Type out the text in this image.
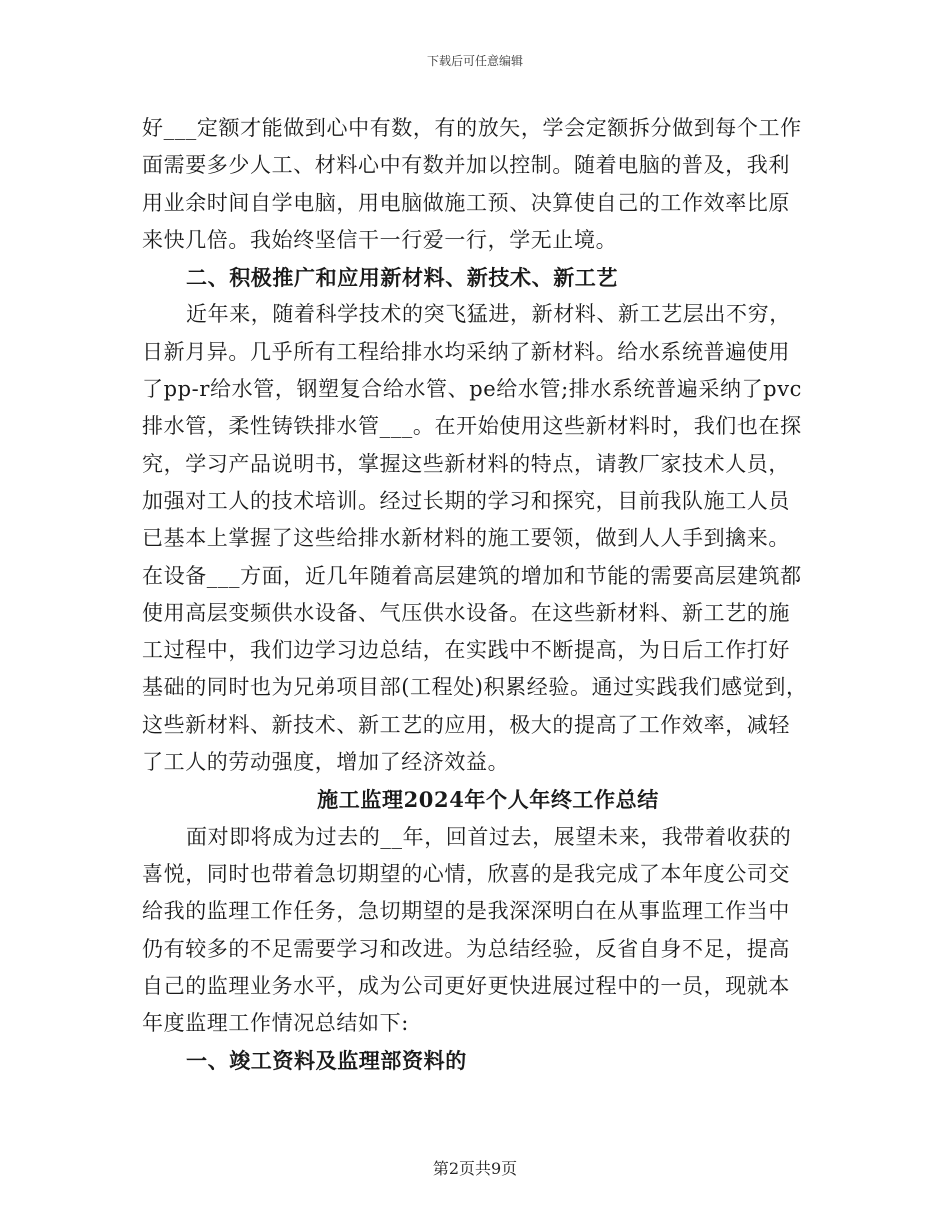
下载后可任意编辑
好___定额才能做到心中有数，有的放矢，学会定额拆分做到每个工作
面需要多少人工、材料心中有数并加以控制。随着电脑的普及，我利
用业余时间自学电脑，用电脑做施工预、决算使自己的工作效率比原
来快几倍。我始终坚信干一行爱一行，学无止境。
二、积极推广和应用新材料、新技术、新工艺
近年来，随着科学技术的突飞猛进，新材料、新工艺层出不穷，
日新月异。几乎所有工程给排水均采纳了新材料。给水系统普遍使用
了pp-r给水管，钢塑复合给水管、pe给水管;排水系统普遍采纳了pvc
排水管，柔性铸铁排水管___。在开始使用这些新材料时，我们也在探
究，学习产品说明书，掌握这些新材料的特点，请教厂家技术人员，
加强对工人的技术培训。经过长期的学习和探究，目前我队施工人员
已基本上掌握了这些给排水新材料的施工要领，做到人人手到擒来。
在设备___方面，近几年随着高层建筑的增加和节能的需要高层建筑都
使用高层变频供水设备、气压供水设备。在这些新材料、新工艺的施
工过程中，我们边学习边总结，在实践中不断提高，为日后工作打好
基础的同时也为兄弟项目部(工程处)积累经验。通过实践我们感觉到，
这些新材料、新技术、新工艺的应用，极大的提高了工作效率，减轻
了工人的劳动强度，增加了经济效益。
施工监理2024年个人年终工作总结
面对即将成为过去的__年，回首过去，展望未来，我带着收获的
喜悦，同时也带着急切期望的心情，欣喜的是我完成了本年度公司交
给我的监理工作任务，急切期望的是我深深明白在从事监理工作当中
仍有较多的不足需要学习和改进。为总结经验，反省自身不足，提高
自己的监理业务水平，成为公司更好更快进展过程中的一员，现就本
年度监理工作情况总结如下:
一、竣工资料及监理部资料的
第2页共9页
